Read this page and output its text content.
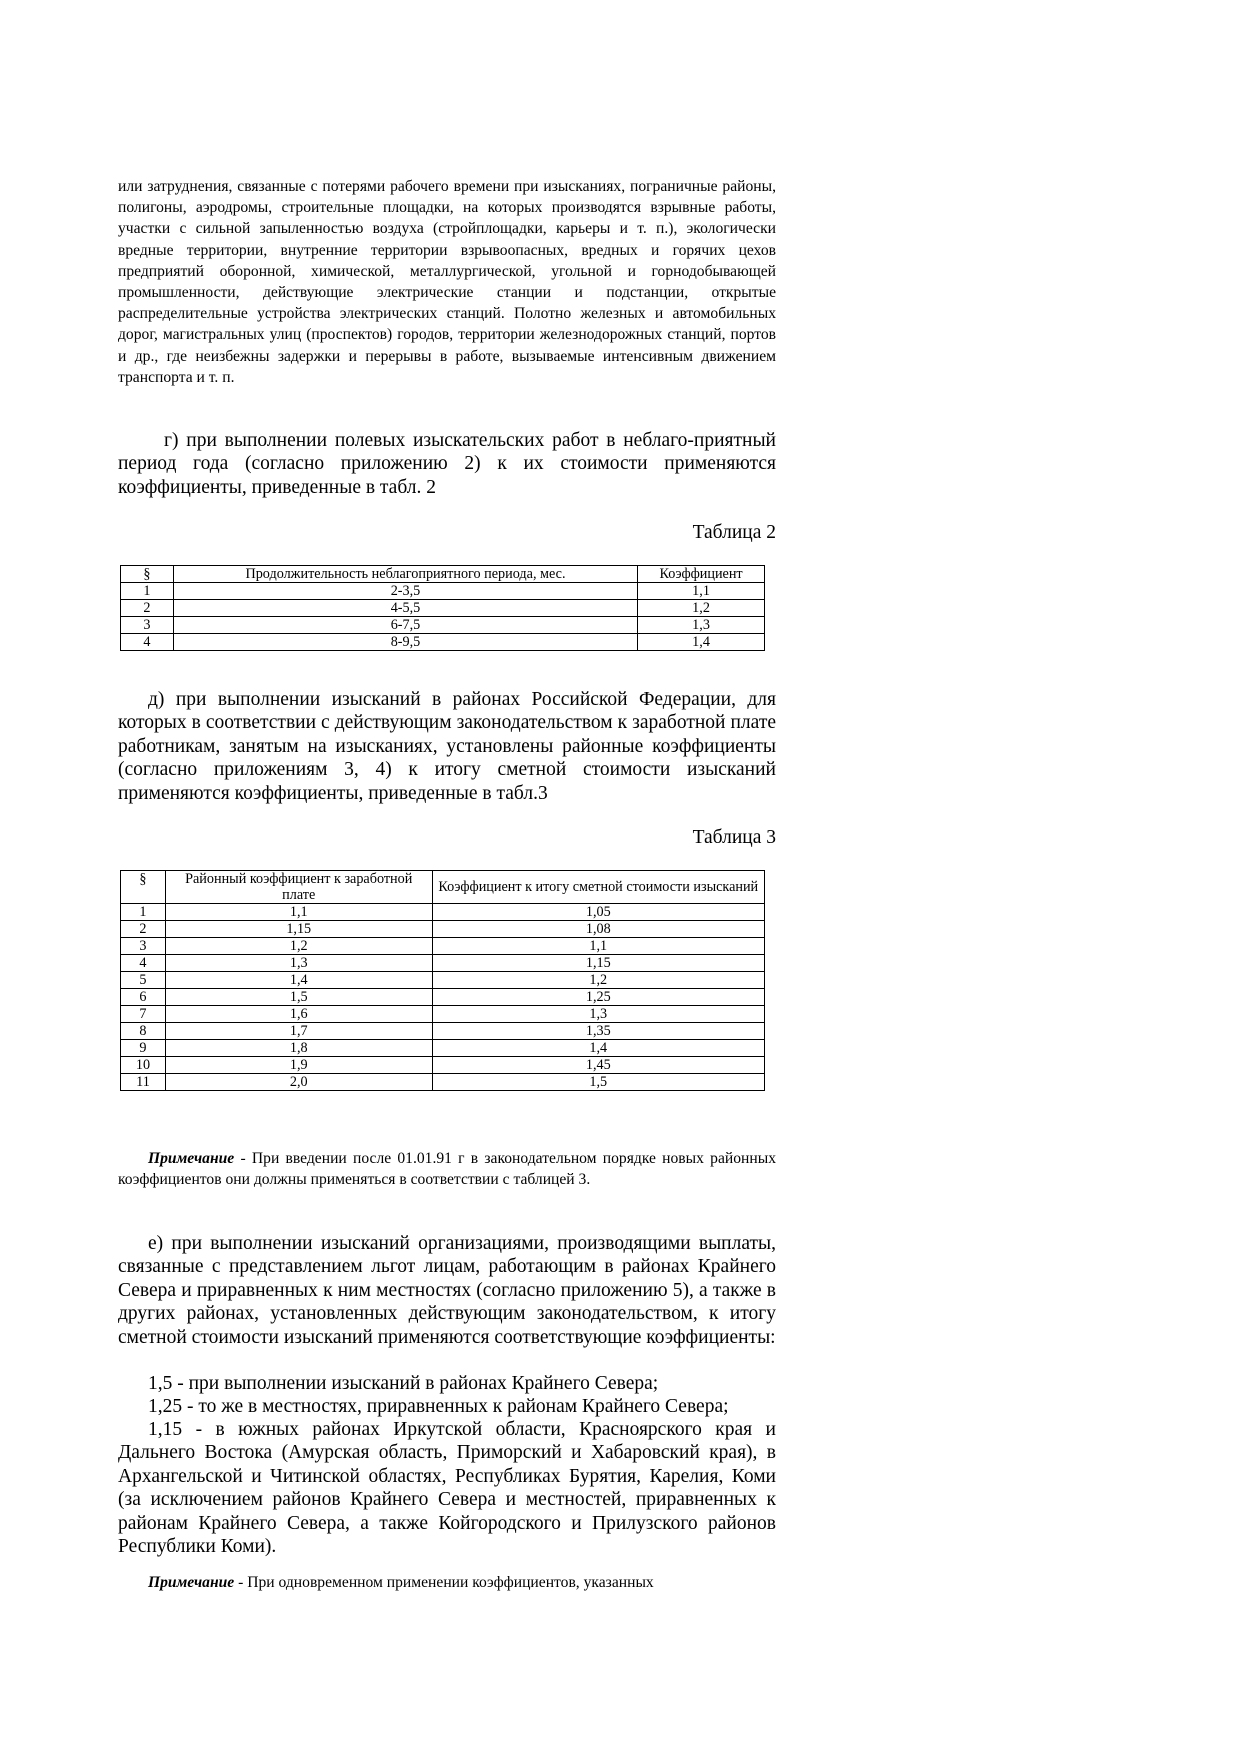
или затруднения, связанные с потерями рабочего времени при изысканиях, пограничные районы, полигоны, аэродромы, строительные площадки, на которых производятся взрывные работы, участки с сильной запыленностью воздуха (стройплощадки, карьеры и т. п.), экологически вредные территории, внутренние территории взрывоопасных, вредных и горячих цехов предприятий оборонной, химической, металлургической, угольной и горнодобывающей промышленности, действующие электрические станции и подстанции, открытые распределительные устройства электрических станций. Полотно железных и автомобильных дорог, магистральных улиц (проспектов) городов, территории железнодорожных станций, портов и др., где неизбежны задержки и перерывы в работе, вызываемые интенсивным движением транспорта и т. п.

г) при выполнении полевых изыскательских работ в неблаго-приятный период года (согласно приложению 2) к их стоимости применяются коэффициенты, приведенные в табл. 2

Таблица 2
§	Продолжительность неблагоприятного периода, мес.	Коэффициент
1	2-3,5	1,1
2	4-5,5	1,2
3	6-7,5	1,3
4	8-9,5	1,4

д) при выполнении изысканий в районах Российской Федерации, для которых в соответствии с действующим законодательством к заработной плате работникам, занятым на изысканиях, установлены районные коэффициенты (согласно приложениям 3, 4) к итогу сметной стоимости изысканий применяются коэффициенты, приведенные в табл.3

Таблица 3
§	Районный коэффициент к заработной плате	Коэффициент к итогу сметной стоимости изысканий
1	1,1	1,05
2	1,15	1,08
3	1,2	1,1
4	1,3	1,15
5	1,4	1,2
6	1,5	1,25
7	1,6	1,3
8	1,7	1,35
9	1,8	1,4
10	1,9	1,45
11	2,0	1,5

Примечание - При введении после 01.01.91 г в законодательном порядке новых районных коэффициентов они должны применяться в соответствии с таблицей 3.

е) при выполнении изысканий организациями, производящими выплаты, связанные с представлением льгот лицам, работающим в районах Крайнего Севера и приравненных к ним местностях (согласно приложению 5), а также в других районах, установленных действующим законодательством, к итогу сметной стоимости изысканий применяются соответствующие коэффициенты:

1,5 - при выполнении изысканий в районах Крайнего Севера;

1,25 - то же в местностях, приравненных к районам Крайнего Севера;

1,15 - в южных районах Иркутской области, Красноярского края и Дальнего Востока (Амурская область, Приморский и Хабаровский края), в Архангельской и Читинской областях, Республиках Бурятия, Карелия, Коми (за исключением районов Крайнего Севера и местностей, приравненных к районам Крайнего Севера, а также Койгородского и Прилузского районов Республики Коми).

Примечание - При одновременном применении коэффициентов, указанных
